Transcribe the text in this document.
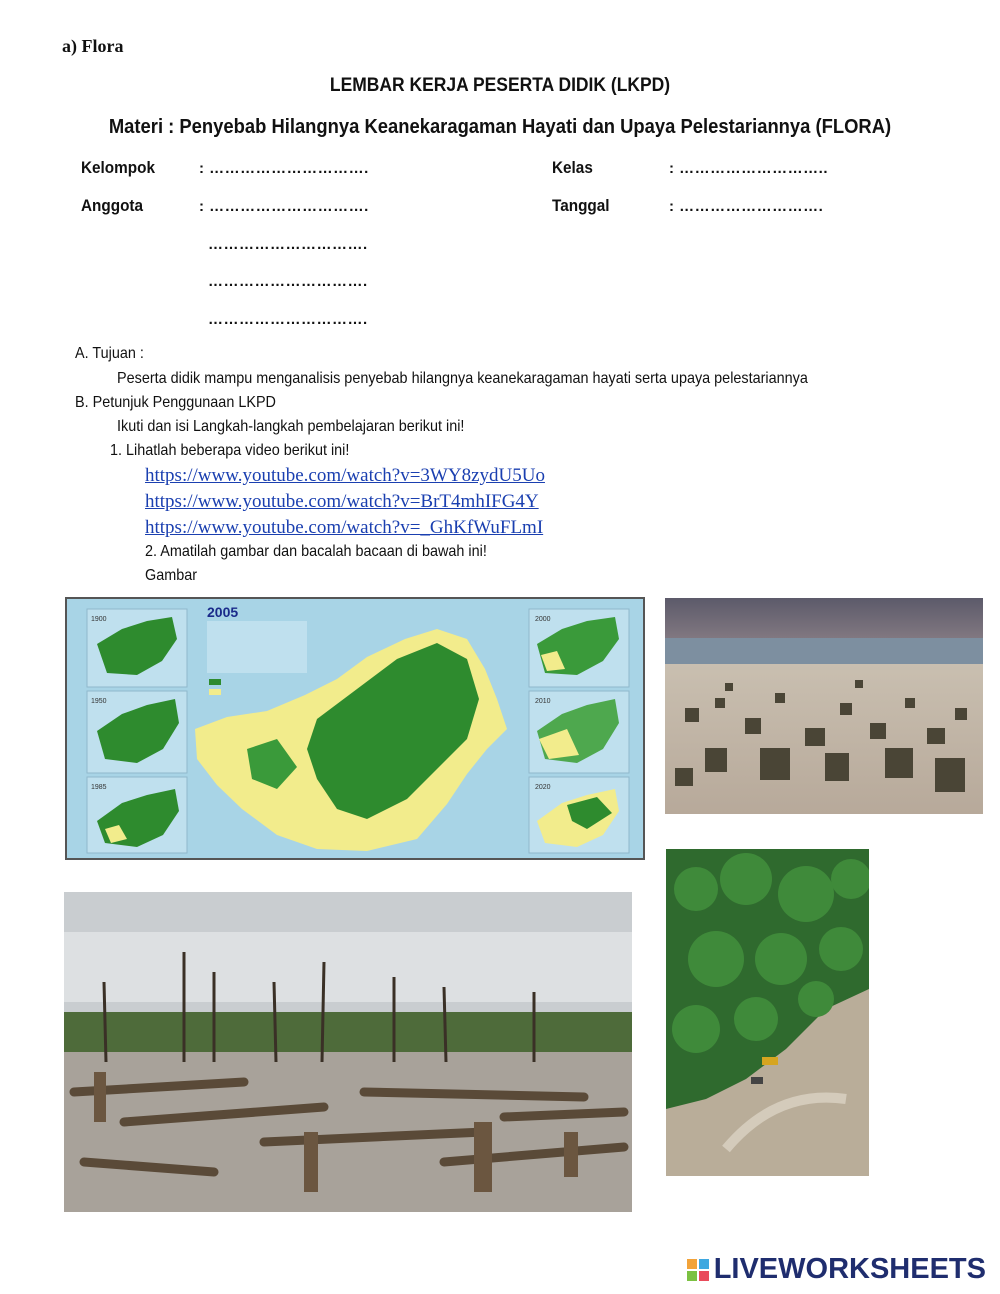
a) Flora
LEMBAR KERJA PESERTA DIDIK (LKPD)
Materi : Penyebab Hilangnya Keanekaragaman Hayati dan Upaya Pelestariannya (FLORA)
Kelompok	: ………………………….	Kelas	: ………………………..
Anggota	: ………………………….	Tanggal	: ……………………….
………………………….
………………………….
………………………….
A. Tujuan :
Peserta didik mampu menganalisis penyebab hilangnya keanekaragaman hayati serta upaya pelestariannya
B. Petunjuk Penggunaan LKPD
Ikuti dan isi Langkah-langkah pembelajaran berikut ini!
1. Lihatlah beberapa video berikut ini!
https://www.youtube.com/watch?v=3WY8zydU5Uo
https://www.youtube.com/watch?v=BrT4mhIFG4Y
https://www.youtube.com/watch?v=_GhKfWuFLmI
2. Amatilah gambar dan bacalah bacaan di bawah ini!
Gambar
2005
1900
1950
1985
2000
2010
2020
LIVEWORKSHEETS
